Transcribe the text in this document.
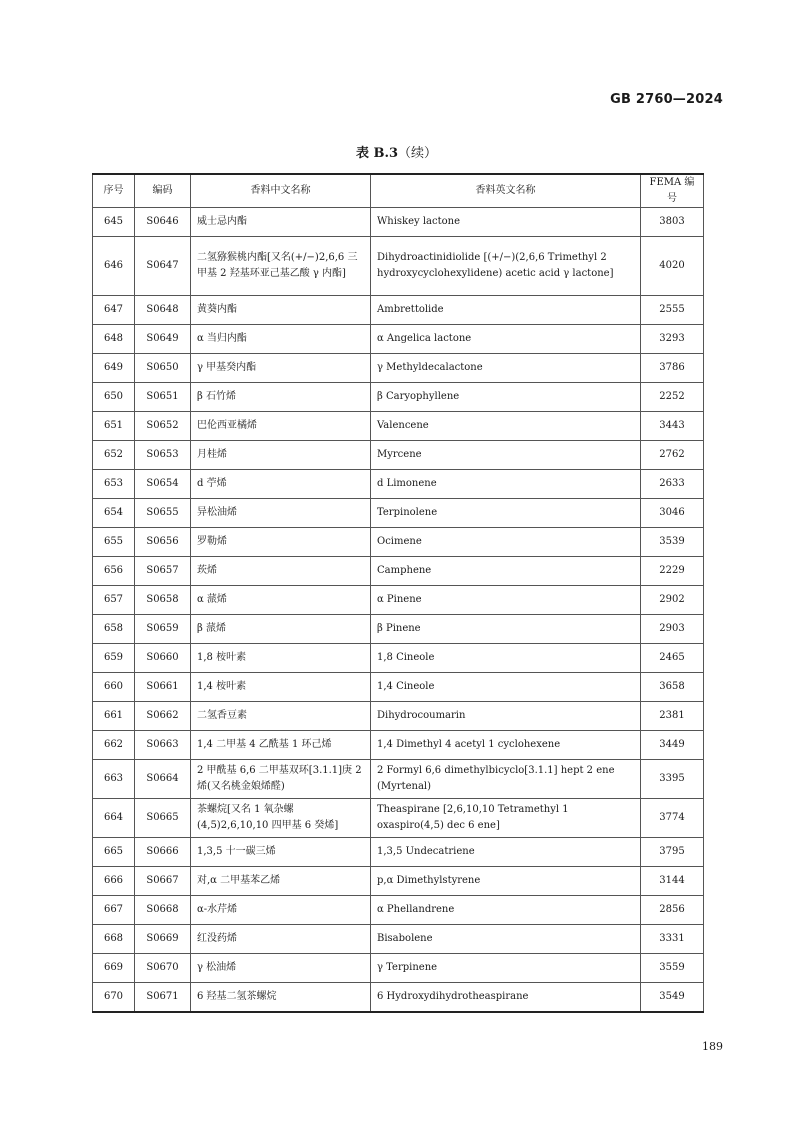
GB 2760—2024
表 B.3（续）
序号	编码	香料中文名称	香料英文名称	FEMA 编号
645	S0646	威士忌内酯	Whiskey lactone	3803
646	S0647	二氢猕猴桃内酯[又名(+/−)2,6,6 三甲基 2 羟基环亚己基乙酸 γ 内酯]	Dihydroactinidiolide [(+/−)(2,6,6 Trimethyl 2 hydroxycyclohexylidene) acetic acid γ lactone]	4020
647	S0648	黄葵内酯	Ambrettolide	2555
648	S0649	α 当归内酯	α Angelica lactone	3293
649	S0650	γ 甲基癸内酯	γ Methyldecalactone	3786
650	S0651	β 石竹烯	β Caryophyllene	2252
651	S0652	巴伦西亚橘烯	Valencene	3443
652	S0653	月桂烯	Myrcene	2762
653	S0654	d 苧烯	d Limonene	2633
654	S0655	异松油烯	Terpinolene	3046
655	S0656	罗勒烯	Ocimene	3539
656	S0657	莰烯	Camphene	2229
657	S0658	α 蒎烯	α Pinene	2902
658	S0659	β 蒎烯	β Pinene	2903
659	S0660	1,8 桉叶素	1,8 Cineole	2465
660	S0661	1,4 桉叶素	1,4 Cineole	3658
661	S0662	二氢香豆素	Dihydrocoumarin	2381
662	S0663	1,4 二甲基 4 乙酰基 1 环己烯	1,4 Dimethyl 4 acetyl 1 cyclohexene	3449
663	S0664	2 甲酰基 6,6 二甲基双环[3.1.1]庚 2 烯(又名桃金娘烯醛)	2 Formyl 6,6 dimethylbicyclo[3.1.1] hept 2 ene (Myrtenal)	3395
664	S0665	茶螺烷[又名 1 氧杂螺(4,5)2,6,10,10 四甲基 6 癸烯]	Theaspirane [2,6,10,10 Tetramethyl 1 oxaspiro(4,5) dec 6 ene]	3774
665	S0666	1,3,5 十一碳三烯	1,3,5 Undecatriene	3795
666	S0667	对,α 二甲基苯乙烯	p,α Dimethylstyrene	3144
667	S0668	α-水芹烯	α Phellandrene	2856
668	S0669	红没药烯	Bisabolene	3331
669	S0670	γ 松油烯	γ Terpinene	3559
670	S0671	6 羟基二氢茶螺烷	6 Hydroxydihydrotheaspirane	3549
189
